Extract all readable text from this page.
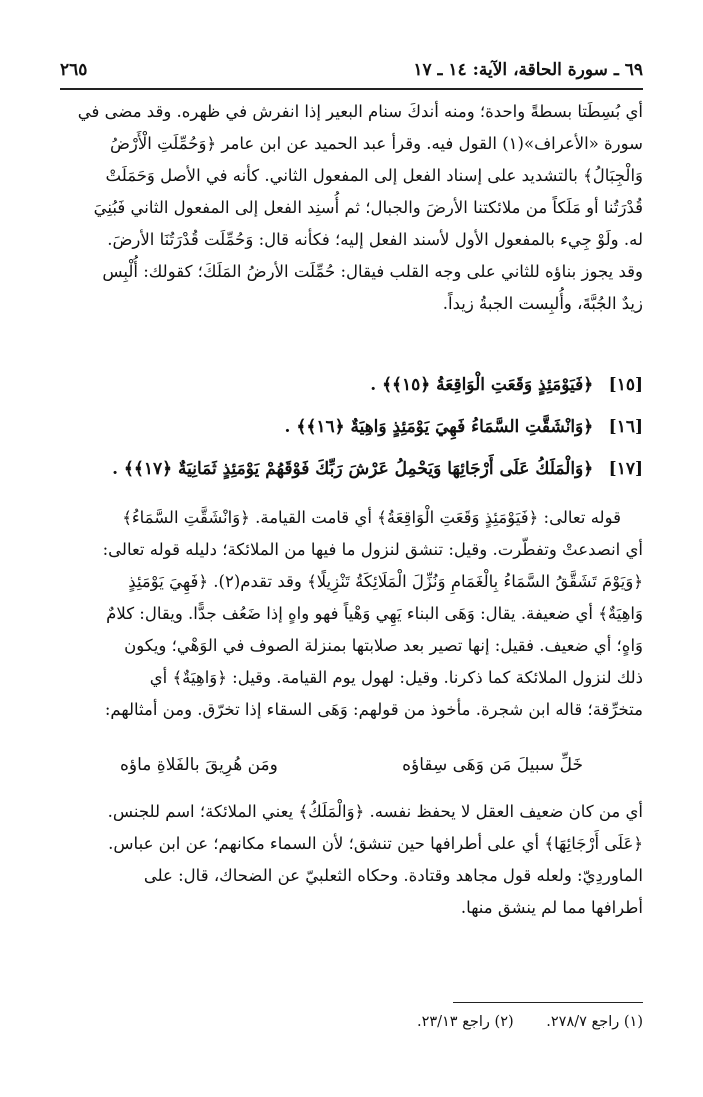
٦٩ ـ سورة الحاقة، الآية: ١٤ ـ ١٧
٢٦٥
أي بُسِطَتا بسطةً واحدة؛ ومنه أندكَ سنام البعير إذا انفرش في ظهره. وقد مضى في
سورة «الأعراف»(١) القول فيه. وقرأ عبد الحميد عن ابن عامر ﴿وَحُمِّلَتِ الْأَرْضُ
وَالْجِبَالُ﴾ بالتشديد على إسناد الفعل إلى المفعول الثاني. كأنه في الأصل وَحَمَلَتْ
قُدْرَتُنا أو مَلَكاً من ملائكتنا الأرضَ والجبال؛ ثم أُسنِد الفعل إلى المفعول الثاني فَبُنِيَ
له. ولَوْ جِيء بالمفعول الأول لأسند الفعل إليه؛ فكأنه قال: وَحُمِّلَت قُدْرَتُنَا الأرضَ.
وقد يجوز بناؤه للثاني على وجه القلب فيقال: حُمِّلَت الأرضُ المَلَكَ؛ كقولك: أُلْبِس
زيدٌ الجُبَّةَ، وأُلبِست الجبةُ زيداً.
[١٥] ﴿فَيَوْمَئِذٍ وَقَعَتِ الْوَاقِعَةُ ﴿١٥﴾﴾ .
[١٦] ﴿وَانْشَقَّتِ السَّمَاءُ فَهِيَ يَوْمَئِذٍ وَاهِيَةٌ ﴿١٦﴾﴾ .
[١٧] ﴿وَالْمَلَكُ عَلَى أَرْجَائِهَا وَيَحْمِلُ عَرْشَ رَبِّكَ فَوْقَهُمْ يَوْمَئِذٍ ثَمَانِيَةٌ ﴿١٧﴾﴾ .
قوله تعالى: ﴿فَيَوْمَئِذٍ وَقَعَتِ الْوَاقِعَةُ﴾ أي قامت القيامة. ﴿وَانْشَقَّتِ السَّمَاءُ﴾
أي انصدعتْ وتفطّرت. وقيل: تنشق لنزول ما فيها من الملائكة؛ دليله قوله تعالى:
﴿وَيَوْمَ تَشَقَّقُ السَّمَاءُ بِالْغَمَامِ وَنُزِّلَ الْمَلَائِكَةُ تَنْزِيلًا﴾ وقد تقدم(٢). ﴿فَهِيَ يَوْمَئِذٍ
وَاهِيَةٌ﴾ أي ضعيفة. يقال: وَهَى البناء يَهِي وَهْياً فهو واهٍ إذا ضَعُف جدًّا. ويقال: كلامٌ
وَاهٍ؛ أي ضعيف. فقيل: إنها تصير بعد صلابتها بمنزلة الصوف في الوَهْي؛ ويكون
ذلك لنزول الملائكة كما ذكرنا. وقيل: لهول يوم القيامة. وقيل: ﴿وَاهِيَةٌ﴾ أي
متخرِّقة؛ قاله ابن شجرة. مأخوذ من قولهم: وَهَى السقاء إذا تخرّق. ومن أمثالهم:
خَلِّ سبيلَ مَن وَهَى سِقاؤه
ومَن هُرِيقَ بالفَلاةِ ماؤه
أي من كان ضعيف العقل لا يحفظ نفسه. ﴿وَالْمَلَكُ﴾ يعني الملائكة؛ اسم للجنس.
﴿عَلَى أَرْجَائِهَا﴾ أي على أطرافها حين تنشق؛ لأن السماء مكانهم؛ عن ابن عباس.
الماوردِيّ: ولعله قول مجاهد وقتادة. وحكاه الثعلبيّ عن الضحاك، قال: على
أطرافها مما لم ينشق منها.
(١) راجع ٢٧٨/٧. (٢) راجع ٢٣/١٣.
